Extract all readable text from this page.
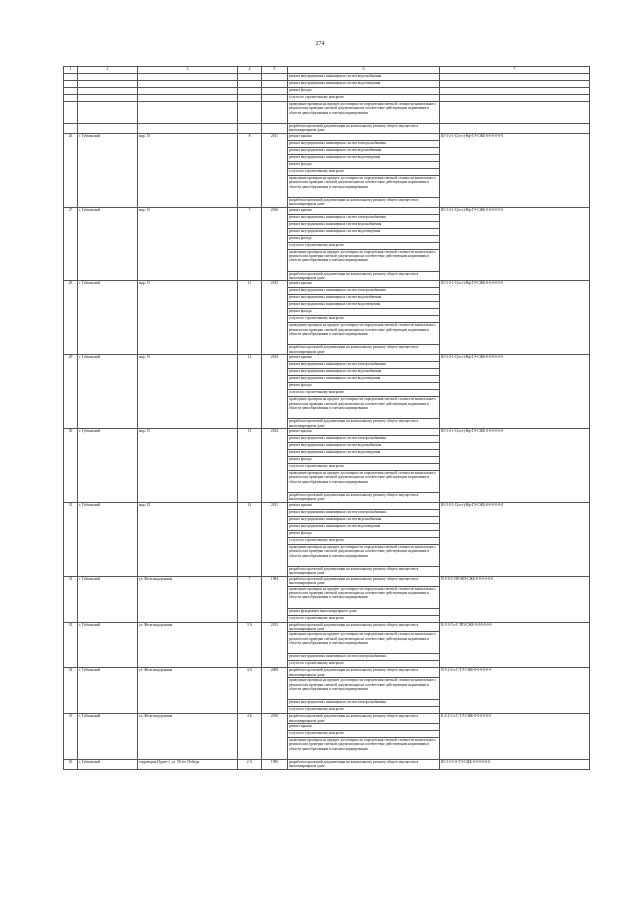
274
1	2	3	4	5	6	7
					ремонт внутридомовых инженерных систем водоснабжения	
					ремонт внутридомовых инженерных систем водоотведения	
					ремонт фасада	
					услуги по строительному контролю	
					проведение проверки на предмет достоверности определения сметной стоимости капитального ремонта или проверки сметной документации на соответствие действующим нормативам в области ценообразования в сметном нормировании	
					разработка проектной документации на капитальному ремонту общего имущества в многоквартирном доме	
26	г. Губкинский	мкр. 15	8	2011	ремонт крыши	Ш-3-2-1-С(ост)-Вф-ГЭ-СЖБ-0-0-0-0-0-0
					ремонт внутридомовых инженерных систем электроснабжения	
					ремонт внутридомовых инженерных систем водоснабжения	
					ремонт внутридомовых инженерных систем водоотведения	
					ремонт фасада	
					услуги по строительному контролю	
					проведение проверки на предмет достоверности определения сметной стоимости капитального ремонта или проверки сметной документации на соответствие действующим нормативам в области ценообразования в сметном нормировании	
					разработка проектной документации на капитальному ремонту общего имущества в многоквартирном доме	
27	г. Губкинский	мкр. 15	7	2016	ремонт крыши	Ш-3-2-1-С(ост)-Вф-ГЭ-СЖБ-0-0-0-0-0-0
					ремонт внутридомовых инженерных систем электроснабжения	
					ремонт внутридомовых инженерных систем водоснабжения	
					ремонт внутридомовых инженерных систем водоотведения	
					ремонт фасада	
					услуги по строительному контролю	
					проведение проверки на предмет достоверности определения сметной стоимости капитального ремонта или проверки сметной документации на соответствие действующим нормативам в области ценообразования в сметном нормировании	
					разработка проектной документации на капитальному ремонту общего имущества в многоквартирном доме	
28	г. Губкинский	мкр. 15	11	2013	ремонт крыши	Ш-3-2-1-С(ост)-Вф-ГЭ-СЖБ-0-0-0-0-0-0
					ремонт внутридомовых инженерных систем электроснабжения	
					ремонт внутридомовых инженерных систем водоснабжения	
					ремонт внутридомовых инженерных систем водоотведения	
					ремонт фасада	
					услуги по строительному контролю	
					проведение проверки на предмет достоверности определения сметной стоимости капитального ремонта или проверки сметной документации на соответствие действующим нормативам в области ценообразования в сметном нормировании	
					разработка проектной документации на капитальному ремонту общего имущества в многоквартирном доме	
29	г. Губкинский	мкр. 15	12	2014	ремонт крыши	Ш-3-2-1-С(ост)-Вф-ГЭ-СЖБ-0-0-0-0-0-0
					ремонт внутридомовых инженерных систем электроснабжения	
					ремонт внутридомовых инженерных систем водоснабжения	
					ремонт внутридомовых инженерных систем водоотведения	
					ремонт фасада	
					услуги по строительному контролю	
					проведение проверки на предмет достоверности определения сметной стоимости капитального ремонта или проверки сметной документации на соответствие действующим нормативам в области ценообразования в сметном нормировании	
					разработка проектной документации на капитальному ремонту общего имущества в многоквартирном доме	
30	г. Губкинский	мкр. 15	13	2014	ремонт крыши	Ш-3-2-1-С(ост)-Вф-ГЭ-СЖБ-0-0-0-0-0-0
					ремонт внутридомовых инженерных систем электроснабжения	
					ремонт внутридомовых инженерных систем водоснабжения	
					ремонт внутридомовых инженерных систем водоотведения	
					ремонт фасада	
					услуги по строительному контролю	
					проведение проверки на предмет достоверности определения сметной стоимости капитального ремонта или проверки сметной документации на соответствие действующим нормативам в области ценообразования в сметном нормировании	
					разработка проектной документации на капитальному ремонту общего имущества в многоквартирном доме	
31	г. Губкинский	мкр. 15	14	2011	ремонт крыши	Ш-3-2-1-С(ост)-Вф-ГЭ-СЖБ-0-0-0-0-0-0
					ремонт внутридомовых инженерных систем электроснабжения	
					ремонт внутридомовых инженерных систем водоснабжения	
					ремонт внутридомовых инженерных систем водоотведения	
					ремонт фасада	
					услуги по строительному контролю	
					проведение проверки на предмет достоверности определения сметной стоимости капитального ремонта или проверки сметной документации на соответствие действующим нормативам в области ценообразования в сметном нормировании	
					разработка проектной документации на капитальному ремонту общего имущества в многоквартирном доме	
32	г. Губкинский	ул. Железнодорожная	7	1984	разработка проектной документации на капитальному ремонту общего имущества в многоквартирном доме	П-5-6-С-ПП-НП-СЖБ-0-0-0-0-0-0
					проведение проверки на предмет достоверности определения сметной стоимости капитального ремонта или проверки сметной документации на соответствие действующим нормативам в области ценообразования в сметном нормировании	
					ремонт фундамента многоквартирного дома	
					услуги по строительному контролю	
33	г. Губкинский	ул. Железнодорожная	3 А	2012	разработка проектной документации на капитальному ремонту общего имущества в многоквартирном доме	К-3-3-Сч-С-ПП-СЖБ-0-0-0-0-0-0
					проведение проверки на предмет достоверности определения сметной стоимости капитального ремонта или проверки сметной документации на соответствие действующим нормативам в области ценообразования в сметном нормировании	
					ремонт внутридомовых инженерных систем электроснабжения	
					услуги по строительному контролю	
34	г. Губкинский	ул. Железнодорожная	4 А	2009	разработка проектной документации на капитальному ремонту общего имущества в многоквартирном доме	П-5-2-Сч-С-ТЭ-СЖБ-0-0-0-0-0-0
					проведение проверки на предмет достоверности определения сметной стоимости капитального ремонта или проверки сметной документации на соответствие действующим нормативам в области ценообразования в сметном нормировании	
					ремонт внутридомовых инженерных систем электроснабжения	
					услуги по строительному контролю	
35	г. Губкинский	ул. Железнодорожная	4 Б	2010	разработка проектной документации на капитальному ремонту общего имущества в многоквартирном доме	К-4-2-Сч-С-ТЭ-СЖБ-0-0-0-0-0-0
					ремонт крыши	
					услуги по строительному контролю	
					проведение проверки на предмет достоверности определения сметной стоимости капитального ремонта или проверки сметной документации на соответствие действующим нормативам в области ценообразования в сметном нормировании	
36	г. Губкинский	территория Пурпе-1, ул. 50 лет Победы	2 А	1995	разработка проектной документации на капитальному ремонту общего имущества в многоквартирном доме	Ш-3-3-С-0-ТЭ-СЖБ-0-0-0-0-0-0
